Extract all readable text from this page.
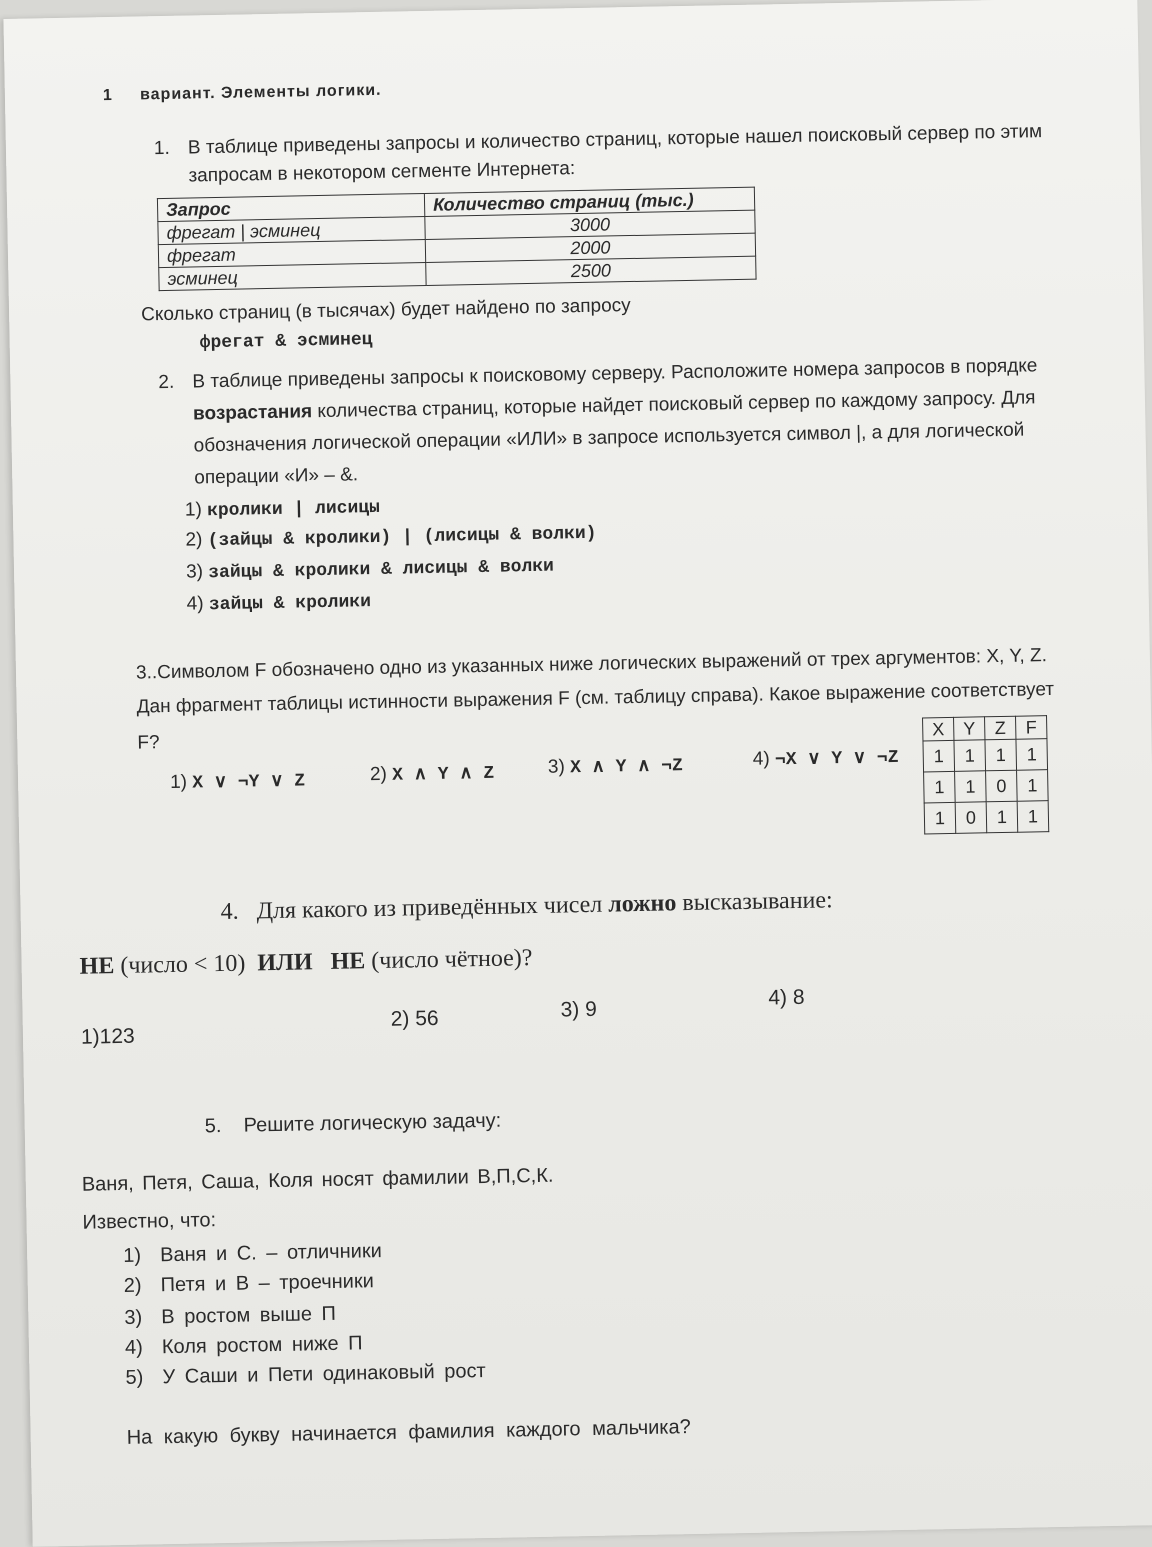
1 вариант. Элементы логики.
1. В таблице приведены запросы и количество страниц, которые нашел поисковый сервер по этим
запросам в некотором сегменте Интернета:
Запрос	Количество страниц (тыс.)
фрегат | эсминец	3000
фрегат	2000
эсминец	2500
Сколько страниц (в тысячах) будет найдено по запросу
фрегат & эсминец
2. В таблице приведены запросы к поисковому серверу. Расположите номера запросов в порядке
возрастания количества страниц, которые найдет поисковый сервер по каждому запросу. Для
обозначения логической операции «ИЛИ» в запросе используется символ |, а для логической
операции «И» – &.
1) кролики | лисицы
2) (зайцы & кролики) | (лисицы & волки)
3) зайцы & кролики & лисицы & волки
4) зайцы & кролики
3..Символом F обозначено одно из указанных ниже логических выражений от трех аргументов: X, Y, Z.
Дан фрагмент таблицы истинности выражения F (см. таблицу справа). Какое выражение соответствует
F?
1) X ∨ ¬Y ∨ Z	2) X ∧ Y ∧ Z	3) X ∧ Y ∧ ¬Z	4) ¬X ∨ Y ∨ ¬Z
X	Y	Z	F
1	1	1	1
1	1	0	1
1	0	1	1
4. Для какого из приведённых чисел ложно высказывание:
НЕ (число < 10)  ИЛИ НЕ (число чётное)?
1)123
2) 56	3) 9
4) 8
5. Решите логическую задачу:
Ваня, Петя, Саша, Коля носят фамилии В,П,С,К.
Известно, что:
1) Ваня и С. – отличники
2) Петя и В – троечники
3) В ростом выше П
4) Коля ростом ниже П
5) У Саши и Пети одинаковый рост
На какую букву начинается фамилия каждого мальчика?
